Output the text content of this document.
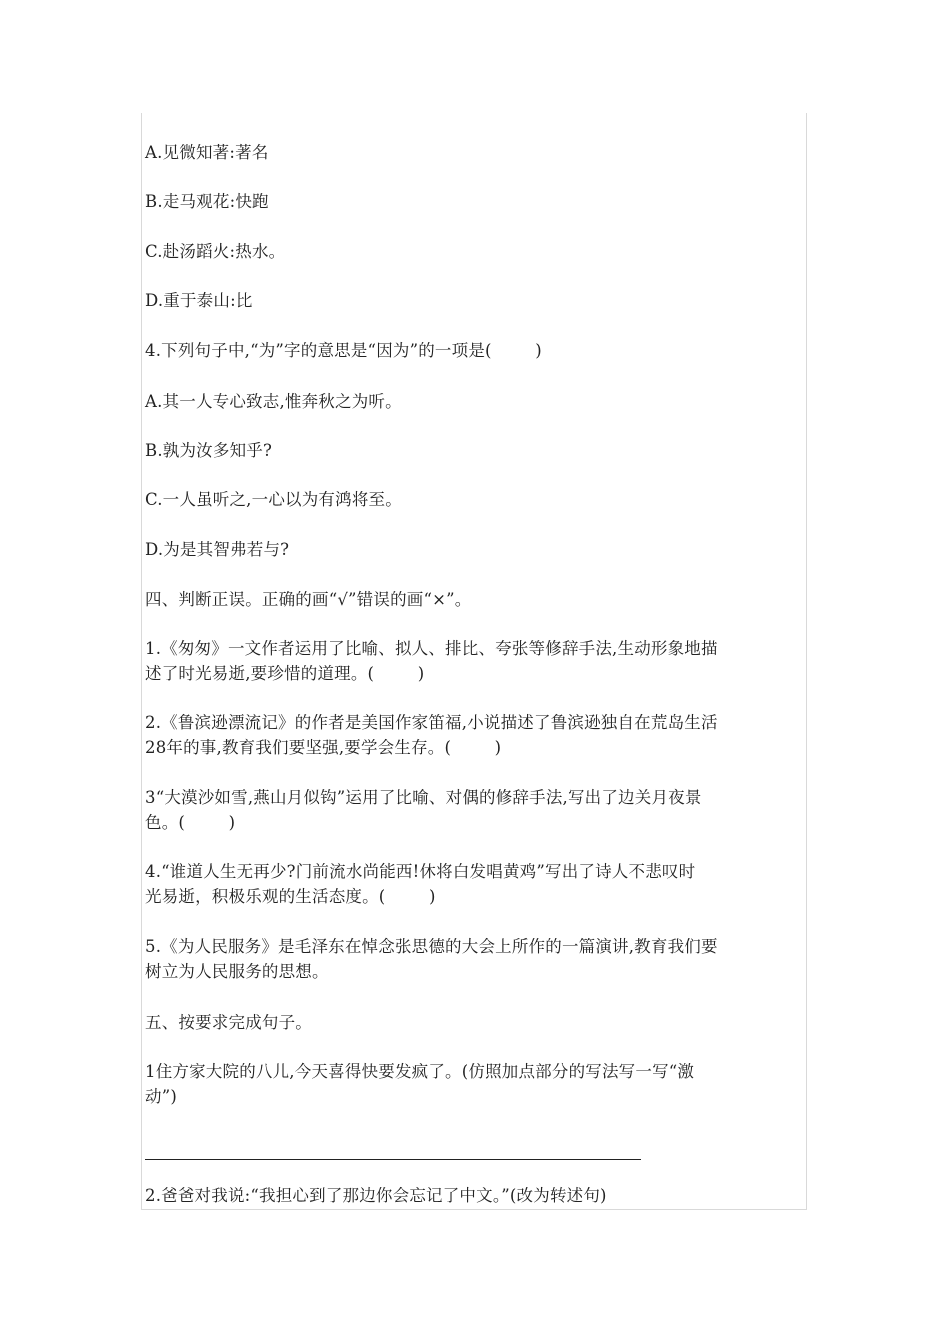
A.见微知著:著名
B.走马观花:快跑
C.赴汤蹈火:热水。
D.重于泰山:比
4.下列句子中,“为”字的意思是“因为”的一项是(        )
A.其一人专心致志,惟奔秋之为听。
B.孰为汝多知乎?
C.一人虽听之,一心以为有鸿将至。
D.为是其智弗若与?
四、判断正误。正确的画“√”错误的画“×”。
1.《匆匆》一文作者运用了比喻、拟人、排比、夸张等修辞手法,生动形象地描
述了时光易逝,要珍惜的道理。(        )
2.《鲁滨逊漂流记》的作者是美国作家笛福,小说描述了鲁滨逊独自在荒岛生活
28年的事,教育我们要坚强,要学会生存。(        )
3“大漠沙如雪,燕山月似钩”运用了比喻、对偶的修辞手法,写出了边关月夜景
色。(        )
4.“谁道人生无再少?门前流水尚能西!休将白发唱黄鸡”写出了诗人不悲叹时
光易逝，积极乐观的生活态度。(        )
5.《为人民服务》是毛泽东在悼念张思德的大会上所作的一篇演讲,教育我们要
树立为人民服务的思想。
五、按要求完成句子。
1住方家大院的八儿,今天喜得快要发疯了。(仿照加点部分的写法写一写“激
动”)
2.爸爸对我说:“我担心到了那边你会忘记了中文。”(改为转述句)
